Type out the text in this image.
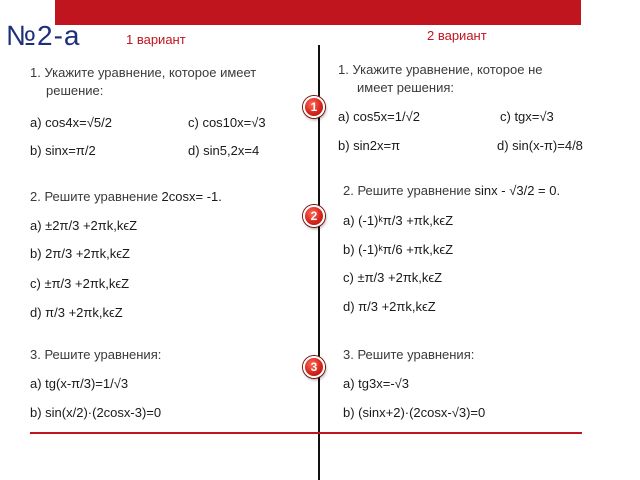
№2-а	1 вариант	2 вариант
1
2
3
1. Укажите уравнение, которое имеет
решение:
a) cos4x=√5/2	c) cos10x=√3
b) sinx=π/2	d) sin5,2x=4
2. Решите уравнение 2cosx= -1.
a) ±2π/3 +2πk,kϵZ
b) 2π/3 +2πk,kϵZ
c) ±π/3 +2πk,kϵZ
d) π/3 +2πk,kϵZ
3. Решите уравнения:
a) tg(x-π/3)=1/√3
b) sin(x/2)·(2cosx-3)=0
1. Укажите уравнение, которое не
имеет решения:
a) cos5x=1/√2	c) tgx=√3
b) sin2x=π	d) sin(x-π)=4/8
2. Решите уравнение sinx - √3/2 = 0.
a) (-1)ᵏπ/3 +πk,kϵZ
b) (-1)ᵏπ/6 +πk,kϵZ
c) ±π/3 +2πk,kϵZ
d) π/3 +2πk,kϵZ
3. Решите уравнения:
a) tg3x=-√3
b) (sinx+2)·(2cosx-√3)=0
